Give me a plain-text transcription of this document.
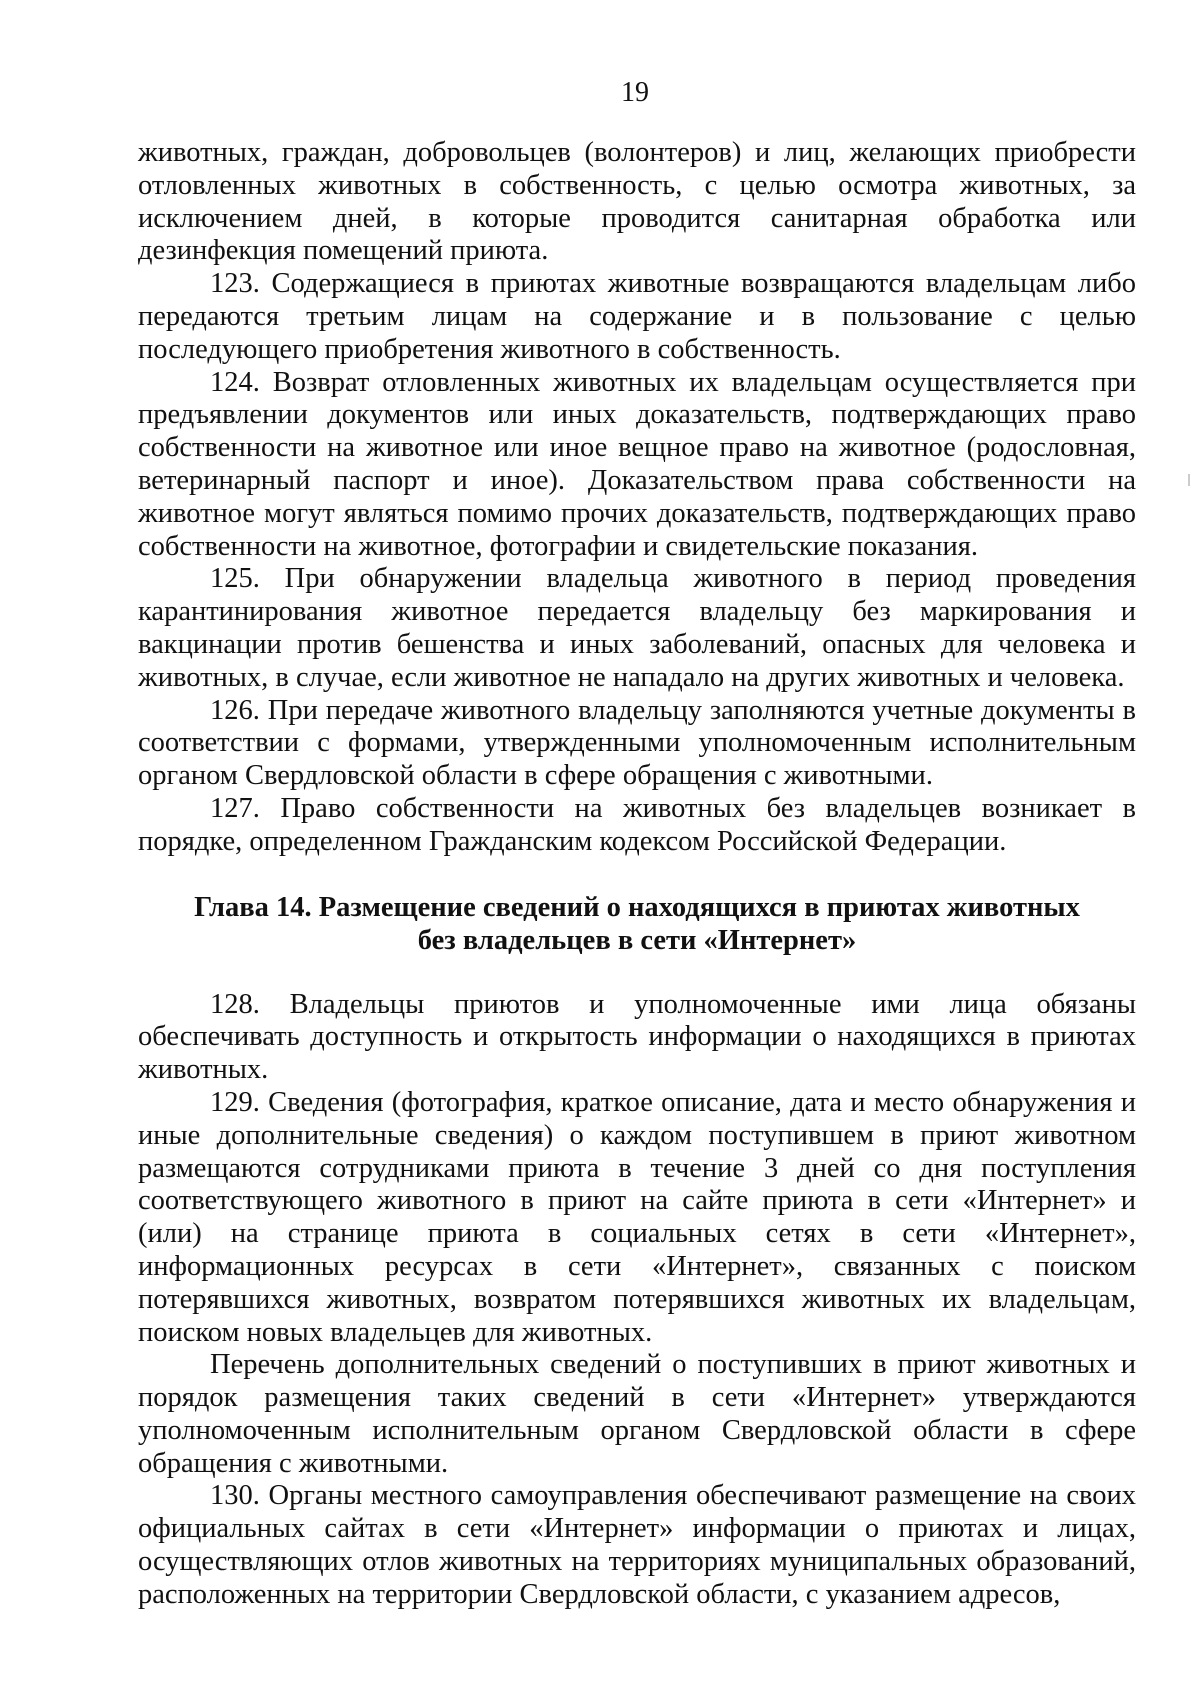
19

животных, граждан, добровольцев (волонтеров) и лиц, желающих приобрести отловленных животных в собственность, с целью осмотра животных, за исключением дней, в которые проводится санитарная обработка или дезинфекция помещений приюта.

123. Содержащиеся в приютах животные возвращаются владельцам либо передаются третьим лицам на содержание и в пользование с целью последующего приобретения животного в собственность.

124. Возврат отловленных животных их владельцам осуществляется при предъявлении документов или иных доказательств, подтверждающих право собственности на животное или иное вещное право на животное (родословная, ветеринарный паспорт и иное). Доказательством права собственности на животное могут являться помимо прочих доказательств, подтверждающих право собственности на животное, фотографии и свидетельские показания.

125. При обнаружении владельца животного в период проведения карантинирования животное передается владельцу без маркирования и вакцинации против бешенства и иных заболеваний, опасных для человека и животных, в случае, если животное не нападало на других животных и человека.

126. При передаче животного владельцу заполняются учетные документы в соответствии с формами, утвержденными уполномоченным исполнительным органом Свердловской области в сфере обращения с животными.

127. Право собственности на животных без владельцев возникает в порядке, определенном Гражданским кодексом Российской Федерации.

Глава 14. Размещение сведений о находящихся в приютах животных
без владельцев в сети «Интернет»

128. Владельцы приютов и уполномоченные ими лица обязаны обеспечивать доступность и открытость информации о находящихся в приютах животных.

129. Сведения (фотография, краткое описание, дата и место обнаружения и иные дополнительные сведения) о каждом поступившем в приют животном размещаются сотрудниками приюта в течение 3 дней со дня поступления соответствующего животного в приют на сайте приюта в сети «Интернет» и (или) на странице приюта в социальных сетях в сети «Интернет», информационных ресурсах в сети «Интернет», связанных с поиском потерявшихся животных, возвратом потерявшихся животных их владельцам, поиском новых владельцев для животных.

Перечень дополнительных сведений о поступивших в приют животных и порядок размещения таких сведений в сети «Интернет» утверждаются уполномоченным исполнительным органом Свердловской области в сфере обращения с животными.

130. Органы местного самоуправления обеспечивают размещение на своих официальных сайтах в сети «Интернет» информации о приютах и лицах, осуществляющих отлов животных на территориях муниципальных образований, расположенных на территории Свердловской области, с указанием адресов,
